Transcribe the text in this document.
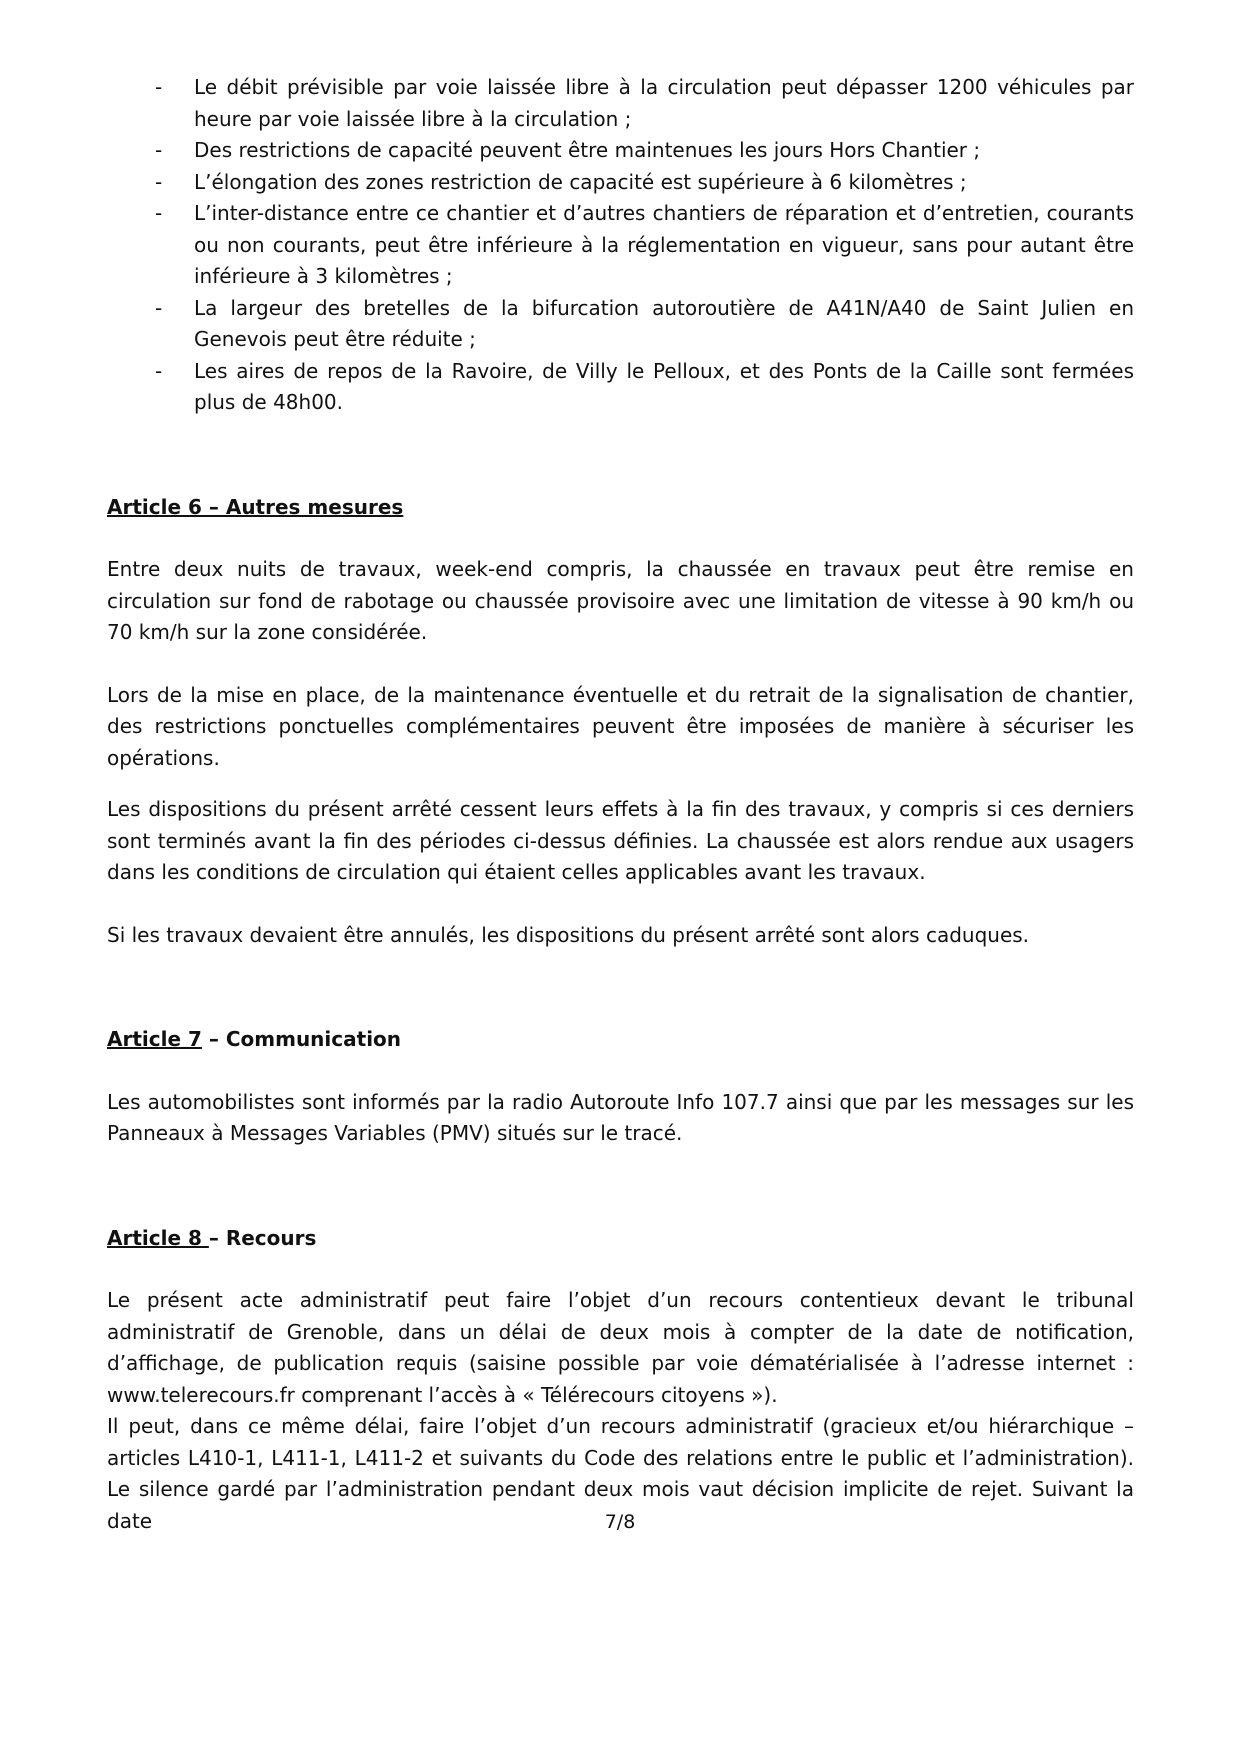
- Le débit prévisible par voie laissée libre à la circulation peut dépasser 1200 véhicules par heure par voie laissée libre à la circulation ;
- Des restrictions de capacité peuvent être maintenues les jours Hors Chantier ;
- L’élongation des zones restriction de capacité est supérieure à 6 kilomètres ;
- L’inter-distance entre ce chantier et d’autres chantiers de réparation et d’entretien, courants ou non courants, peut être inférieure à la réglementation en vigueur, sans pour autant être inférieure à 3 kilomètres ;
- La largeur des bretelles de la bifurcation autoroutière de A41N/A40 de Saint Julien en Genevois peut être réduite ;
- Les aires de repos de la Ravoire, de Villy le Pelloux, et des Ponts de la Caille sont fermées plus de 48h00.

Article 6 – Autres mesures

Entre deux nuits de travaux, week-end compris, la chaussée en travaux peut être remise en circulation sur fond de rabotage ou chaussée provisoire avec une limitation de vitesse à 90 km/h ou 70 km/h sur la zone considérée.

Lors de la mise en place, de la maintenance éventuelle et du retrait de la signalisation de chantier, des restrictions ponctuelles complémentaires peuvent être imposées de manière à sécuriser les opérations.

Les dispositions du présent arrêté cessent leurs effets à la fin des travaux, y compris si ces derniers sont terminés avant la fin des périodes ci-dessus définies. La chaussée est alors rendue aux usagers dans les conditions de circulation qui étaient celles applicables avant les travaux.

Si les travaux devaient être annulés, les dispositions du présent arrêté sont alors caduques.

Article 7 – Communication

Les automobilistes sont informés par la radio Autoroute Info 107.7 ainsi que par les messages sur les Panneaux à Messages Variables (PMV) situés sur le tracé.

Article 8 – Recours

Le présent acte administratif peut faire l’objet d’un recours contentieux devant le tribunal administratif de Grenoble, dans un délai de deux mois à compter de la date de notification, d’affichage, de publication requis (saisine possible par voie dématérialisée à l’adresse internet : www.telerecours.fr comprenant l’accès à « Télérecours citoyens »).

Il peut, dans ce même délai, faire l’objet d’un recours administratif (gracieux et/ou hiérarchique – articles L410-1, L411-1, L411-2 et suivants du Code des relations entre le public et l’administration). Le silence gardé par l’administration pendant deux mois vaut décision implicite de rejet. Suivant la date	7/8
